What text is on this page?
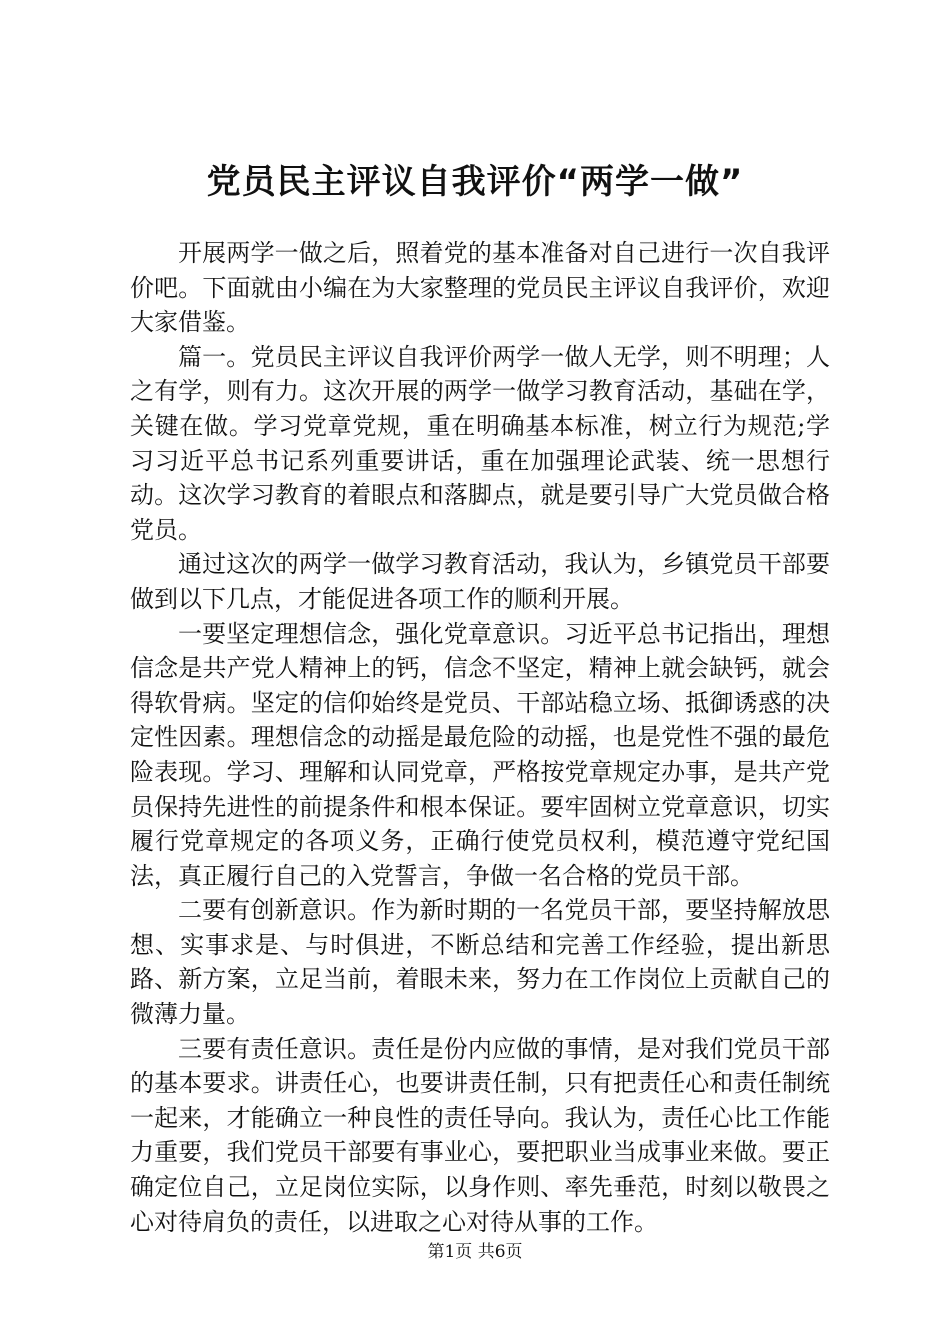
党员民主评议自我评价“两学一做”

开展两学一做之后，照着党的基本准备对自己进行一次自我评价吧。下面就由小编在为大家整理的党员民主评议自我评价，欢迎大家借鉴。

篇一。党员民主评议自我评价两学一做人无学，则不明理；人之有学，则有力。这次开展的两学一做学习教育活动，基础在学，关键在做。学习党章党规，重在明确基本标准，树立行为规范;学习习近平总书记系列重要讲话，重在加强理论武装、统一思想行动。这次学习教育的着眼点和落脚点，就是要引导广大党员做合格党员。

通过这次的两学一做学习教育活动，我认为，乡镇党员干部要做到以下几点，才能促进各项工作的顺利开展。

一要坚定理想信念，强化党章意识。习近平总书记指出，理想信念是共产党人精神上的钙，信念不坚定，精神上就会缺钙，就会得软骨病。坚定的信仰始终是党员、干部站稳立场、抵御诱惑的决定性因素。理想信念的动摇是最危险的动摇，也是党性不强的最危险表现。学习、理解和认同党章，严格按党章规定办事，是共产党员保持先进性的前提条件和根本保证。要牢固树立党章意识，切实履行党章规定的各项义务，正确行使党员权利，模范遵守党纪国法，真正履行自己的入党誓言，争做一名合格的党员干部。

二要有创新意识。作为新时期的一名党员干部，要坚持解放思想、实事求是、与时俱进，不断总结和完善工作经验，提出新思路、新方案，立足当前，着眼未来，努力在工作岗位上贡献自己的微薄力量。

三要有责任意识。责任是份内应做的事情，是对我们党员干部的基本要求。讲责任心，也要讲责任制，只有把责任心和责任制统一起来，才能确立一种良性的责任导向。我认为，责任心比工作能力重要，我们党员干部要有事业心，要把职业当成事业来做。要正确定位自己，立足岗位实际，以身作则、率先垂范，时刻以敬畏之心对待肩负的责任，以进取之心对待从事的工作。

第1页 共6页
